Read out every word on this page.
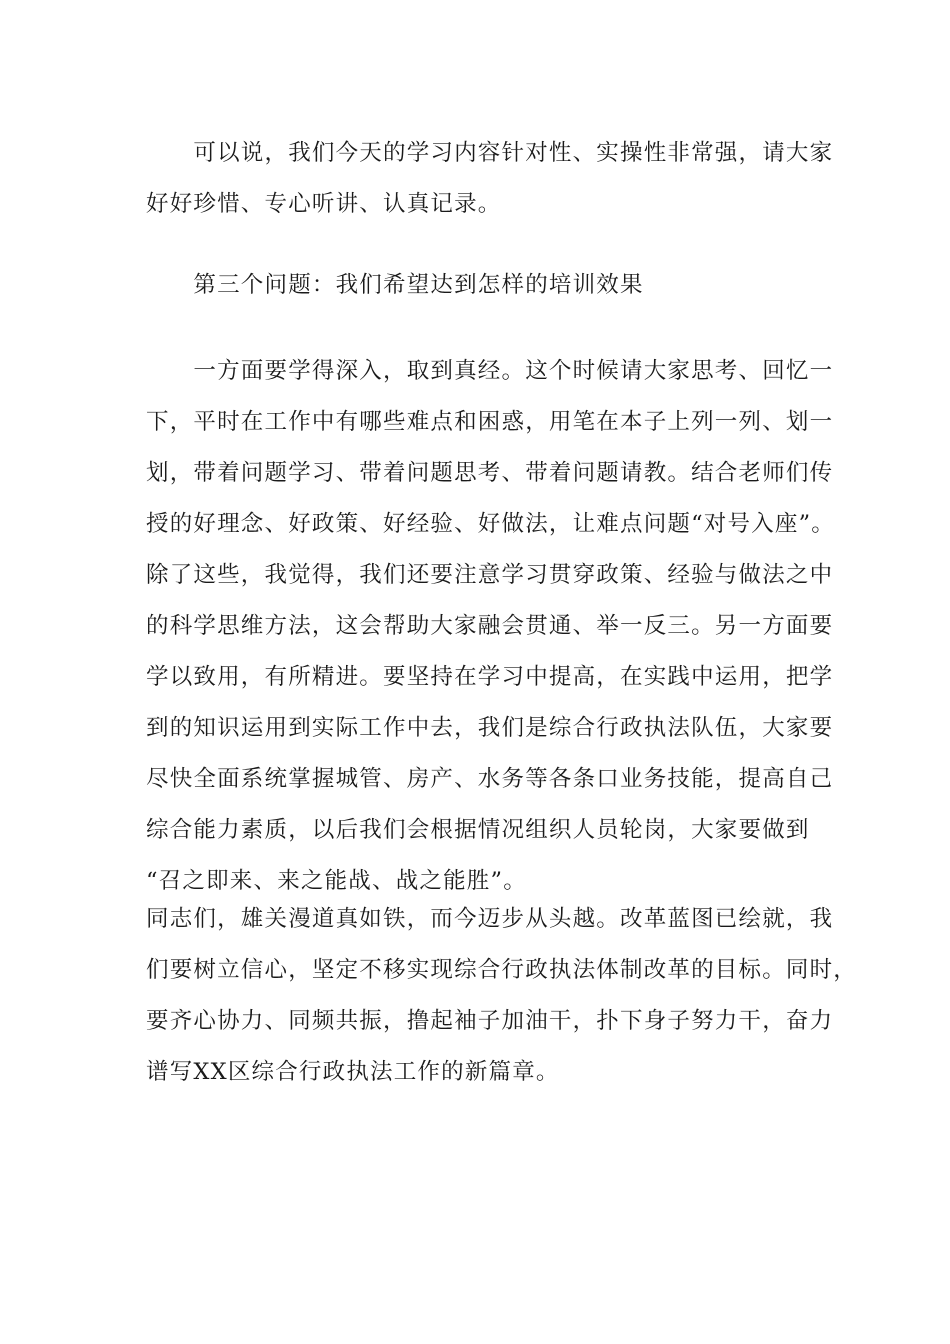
　　可以说，我们今天的学习内容针对性、实操性非常强，请大家
好好珍惜、专心听讲、认真记录。
　　第三个问题：我们希望达到怎样的培训效果
　　一方面要学得深入，取到真经。这个时候请大家思考、回忆一
下，平时在工作中有哪些难点和困惑，用笔在本子上列一列、划一
划，带着问题学习、带着问题思考、带着问题请教。结合老师们传
授的好理念、好政策、好经验、好做法，让难点问题“对号入座”。
除了这些，我觉得，我们还要注意学习贯穿政策、经验与做法之中
的科学思维方法，这会帮助大家融会贯通、举一反三。另一方面要
学以致用，有所精进。要坚持在学习中提高，在实践中运用，把学
到的知识运用到实际工作中去，我们是综合行政执法队伍，大家要
尽快全面系统掌握城管、房产、水务等各条口业务技能，提高自己
综合能力素质，以后我们会根据情况组织人员轮岗，大家要做到
“召之即来、来之能战、战之能胜”。
同志们，雄关漫道真如铁，而今迈步从头越。改革蓝图已绘就，我
们要树立信心，坚定不移实现综合行政执法体制改革的目标。同时，
要齐心协力、同频共振，撸起袖子加油干，扑下身子努力干，奋力
谱写XX区综合行政执法工作的新篇章。
